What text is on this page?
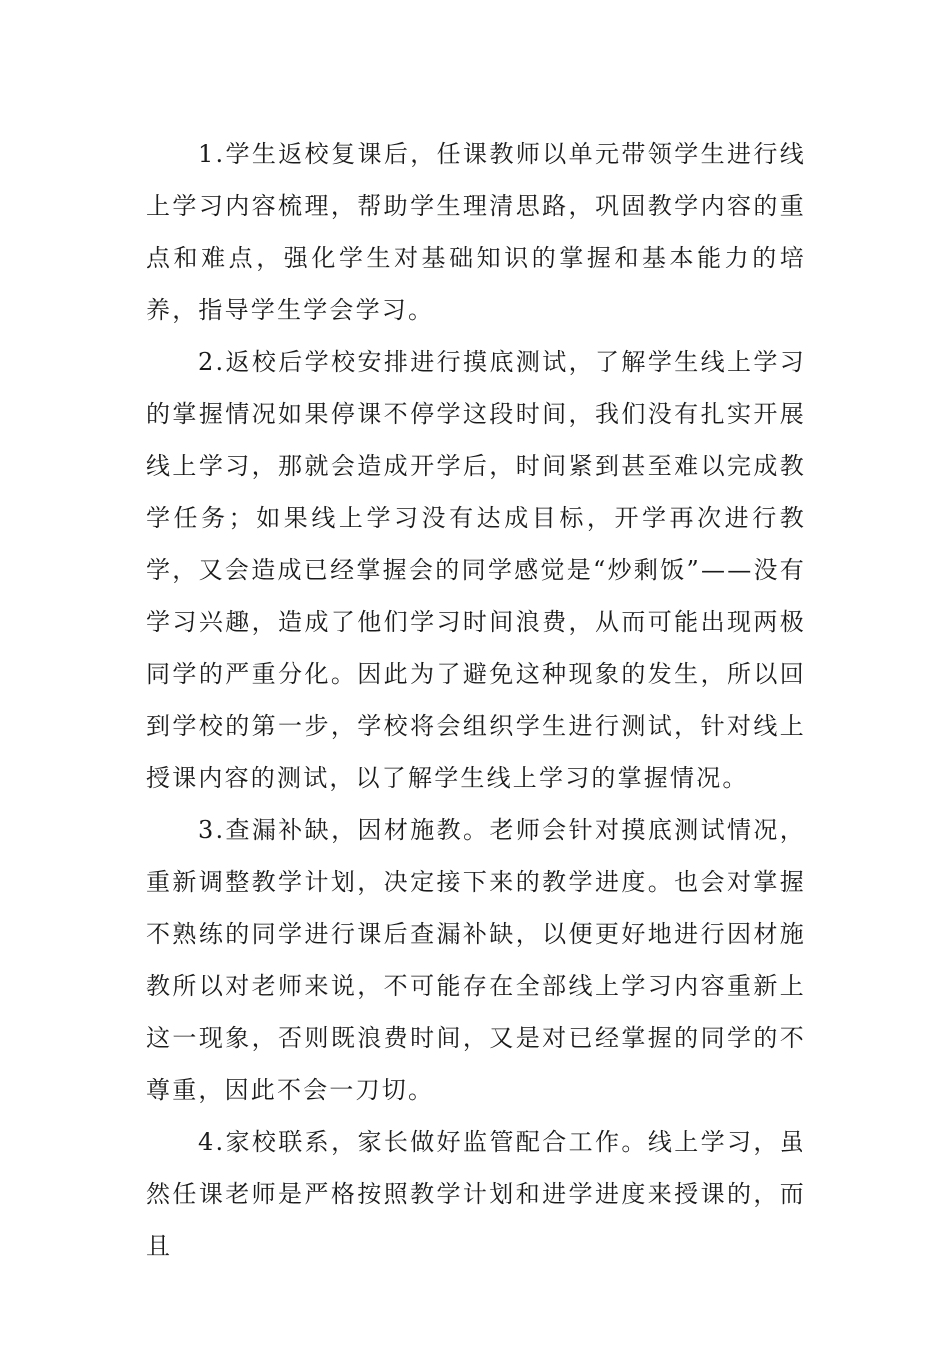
1.学生返校复课后，任课教师以单元带领学生进行线上学习内容梳理，帮助学生理清思路，巩固教学内容的重点和难点，强化学生对基础知识的掌握和基本能力的培养，指导学生学会学习。

2.返校后学校安排进行摸底测试，了解学生线上学习的掌握情况如果停课不停学这段时间，我们没有扎实开展线上学习，那就会造成开学后，时间紧到甚至难以完成教学任务；如果线上学习没有达成目标，开学再次进行教学，又会造成已经掌握会的同学感觉是“炒剩饭”——没有学习兴趣，造成了他们学习时间浪费，从而可能出现两极同学的严重分化。因此为了避免这种现象的发生，所以回到学校的第一步，学校将会组织学生进行测试，针对线上授课内容的测试，以了解学生线上学习的掌握情况。

3.查漏补缺，因材施教。老师会针对摸底测试情况，重新调整教学计划，决定接下来的教学进度。也会对掌握不熟练的同学进行课后查漏补缺，以便更好地进行因材施教所以对老师来说，不可能存在全部线上学习内容重新上这一现象，否则既浪费时间，又是对已经掌握的同学的不尊重，因此不会一刀切。

4.家校联系，家长做好监管配合工作。线上学习，虽然任课老师是严格按照教学计划和进学进度来授课的，而且
